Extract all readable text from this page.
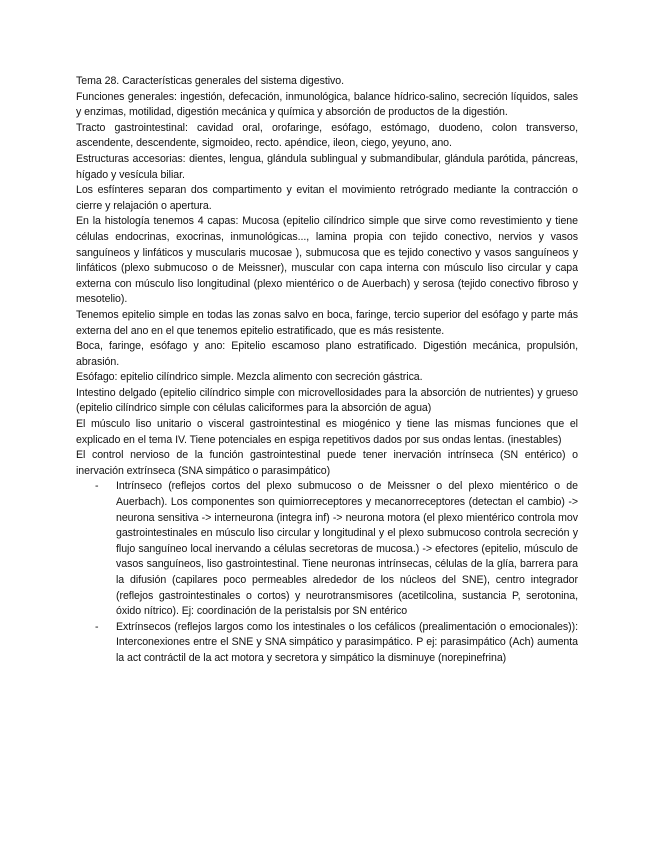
Tema 28. Características generales del sistema digestivo.

Funciones generales: ingestión, defecación, inmunológica, balance hídrico-salino, secreción líquidos, sales y enzimas, motilidad, digestión mecánica y química y absorción de productos de la digestión.

Tracto gastrointestinal: cavidad oral, orofaringe, esófago, estómago, duodeno, colon transverso, ascendente, descendente, sigmoideo, recto. apéndice, ileon, ciego, yeyuno, ano.

Estructuras accesorias: dientes, lengua, glándula sublingual y submandibular, glándula parótida, páncreas, hígado y vesícula biliar.

Los esfínteres separan dos compartimento y evitan el movimiento retrógrado mediante la contracción o cierre y relajación o apertura.

En la histología tenemos 4 capas: Mucosa (epitelio cilíndrico simple que sirve como revestimiento y tiene células endocrinas, exocrinas, inmunológicas..., lamina propia con tejido conectivo, nervios y vasos sanguíneos y linfáticos y muscularis mucosae ), submucosa que es tejido conectivo y vasos sanguíneos y linfáticos (plexo submucoso o de Meissner), muscular con capa interna con músculo liso circular y capa externa con músculo liso longitudinal (plexo mientérico o de Auerbach) y serosa (tejido conectivo fibroso y mesotelio).

Tenemos epitelio simple en todas las zonas salvo en boca, faringe, tercio superior del esófago y parte más externa del ano en el que tenemos epitelio estratificado, que es más resistente.

Boca, faringe, esófago y ano: Epitelio escamoso plano estratificado. Digestión mecánica, propulsión, abrasión.

Esófago: epitelio cilíndrico simple. Mezcla alimento con secreción gástrica.

Intestino delgado (epitelio cilíndrico simple con microvellosidades para la absorción de nutrientes) y grueso (epitelio cilíndrico simple con células caliciformes para la absorción de agua)

El músculo liso unitario o visceral gastrointestinal es miogénico y tiene las mismas funciones que el explicado en el tema IV. Tiene potenciales en espiga repetitivos dados por sus ondas lentas. (inestables)

El control nervioso de la función gastrointestinal puede tener inervación intrínseca (SN entérico) o inervación extrínseca (SNA simpático o parasimpático)

- Intrínseco (reflejos cortos del plexo submucoso o de Meissner o del plexo mientérico o de Auerbach). Los componentes son quimiorreceptores y mecanorreceptores (detectan el cambio) -> neurona sensitiva -> interneurona (integra inf) -> neurona motora (el plexo mientérico controla mov gastrointestinales en músculo liso circular y longitudinal y el plexo submucoso controla secreción y flujo sanguíneo local inervando a células secretoras de mucosa.) -> efectores (epitelio, músculo de vasos sanguíneos, liso gastrointestinal. Tiene neuronas intrínsecas, células de la glía, barrera para la difusión (capilares poco permeables alrededor de los núcleos del SNE), centro integrador (reflejos gastrointestinales o cortos) y neurotransmisores (acetilcolina, sustancia P, serotonina, óxido nítrico). Ej: coordinación de la peristalsis por SN entérico
- Extrínsecos (reflejos largos como los intestinales o los cefálicos (prealimentación o emocionales)): Interconexiones entre el SNE y SNA simpático y parasimpático. P ej: parasimpático (Ach) aumenta la act contráctil de la act motora y secretora y simpático la disminuye (norepinefrina)
